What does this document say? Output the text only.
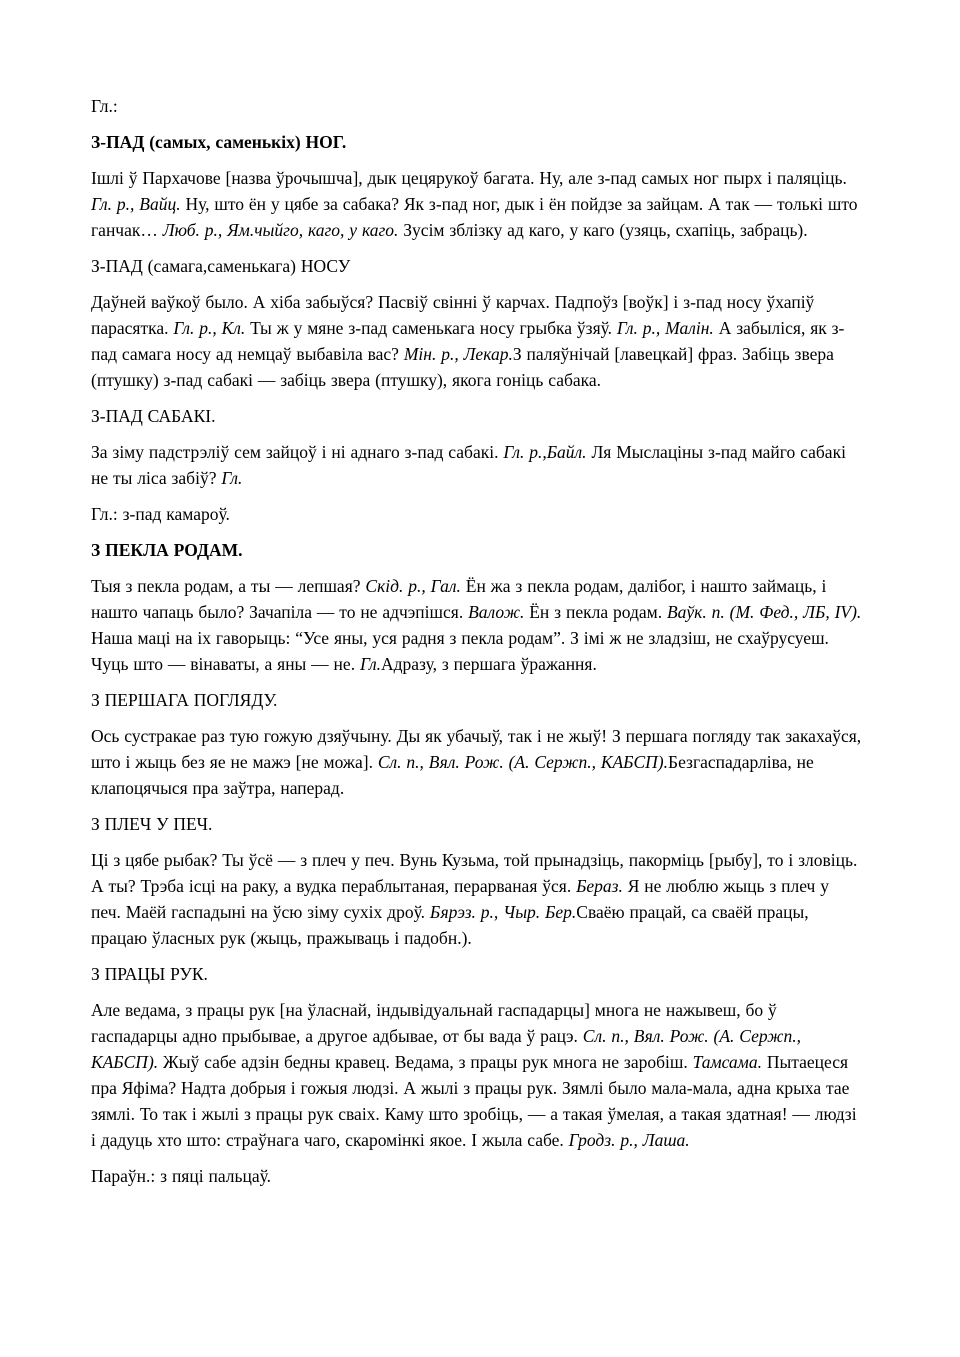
Гл.:

З-ПАД (самых, саменькіх) НОГ.

Ішлі ў Пархачове [назва ўрочышча], дык цецярукоў багата. Ну, але з-пад самых ног пырх і паляціць. Гл. р., Вайц. Ну, што ён у цябе за сабака? Як з-пад ног, дык і ён пойдзе за зайцам. А так — толькі што ганчак… Люб. р., Ям.чыйго, каго, у каго. Зусім зблізку ад каго, у каго (узяць, схапіць, забраць).

З-ПАД (самага,саменькага) НОСУ

Даўней ваўкоў было. А хіба забыўся? Пасвіў свінні ў карчах. Падпоўз [воўк] і з-пад носу ўхапіў парасятка. Гл. р., Кл. Ты ж у мяне з-пад саменькага носу грыбка ўзяў. Гл. р., Малін. А забыліся, як з-пад самага носу ад немцаў выбавіла вас? Мін. р., Лекар.З паляўнічай [лавецкай] фраз. Забіць звера (птушку) з-пад сабакі — забіць звера (птушку), якога гоніць сабака.

З-ПАД САБАКІ.

За зіму падстрэліў сем зайцоў і ні аднаго з-пад сабакі. Гл. р.,Байл. Ля Мыслаціны з-пад майго сабакі не ты ліса забіў? Гл.

Гл.: з-пад камароў.

З ПЕКЛА РОДАМ.

Тыя з пекла родам, а ты — лепшая? Скід. р., Гал. Ён жа з пекла родам, далібог, і нашто займаць, і нашто чапаць было? Зачапіла — то не адчэпішся. Валож. Ён з пекла родам. Ваўк. п. (М. Фед., ЛБ, IV). Наша маці на іх гаворыць: “Усе яны, уся радня з пекла родам”. З імі ж не зладзіш, не схаўрусуеш. Чуць што — вінаваты, а яны — не. Гл.Адразу, з першага ўражання.

З ПЕРШАГА ПОГЛЯДУ.

Ось сустракае раз тую гожую дзяўчыну. Ды як убачыў, так і не жыў! З першага погляду так закахаўся, што і жыць без яе не мажэ [не можа]. Сл. п., Вял. Рож. (А. Сержп., КАБСП).Безгаспадарліва, не клапоцячыся пра заўтра, наперад.

З ПЛЕЧ У ПЕЧ.

Ці з цябе рыбак? Ты ўсё — з плеч у печ. Вунь Кузьма, той прынадзіць, пакорміць [рыбу], то і зловіць. А ты? Трэба ісці на раку, а вудка пераблытаная, перарваная ўся. Бераз. Я не люблю жыць з плеч у печ. Маёй гаспадыні на ўсю зіму сухіх дроў. Бярэз. р., Чыр. Бер.Сваёю працай, са сваёй працы, працаю ўласных рук (жыць, пражываць і падобн.).

З ПРАЦЫ РУК.

Але ведама, з працы рук [на ўласнай, індывідуальнай гаспадарцы] многа не нажывеш, бо ў гаспадарцы адно прыбывае, а другое адбывае, от бы вада ў рацэ. Сл. п., Вял. Рож. (А. Сержп., КАБСП). Жыў сабе адзін бедны кравец. Ведама, з працы рук многа не заробіш. Тамсама. Пытаецеся пра Яфіма? Надта добрыя і гожыя людзі. А жылі з працы рук. Зямлі было мала-мала, адна крыха тае зямлі. То так і жылі з працы рук сваіх. Каму што зробіць, — а такая ўмелая, а такая здатная! — людзі і дадуць хто што: страўнага чаго, скаромінкі якое. І жыла сабе. Гродз. р., Лаша.

Параўн.: з пяці пальцаў.
